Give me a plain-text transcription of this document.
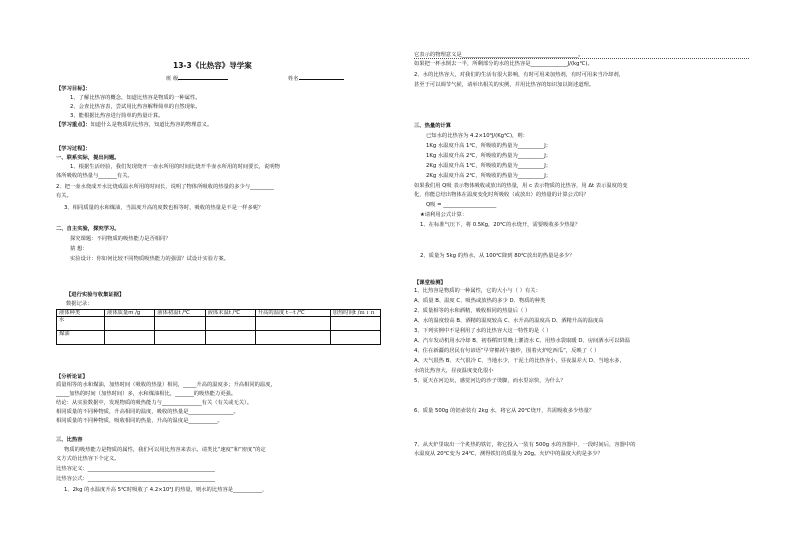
13-3《比热容》导学案
班 级	姓名
【学习目标】：
1、了解比热容的概念，知道比热容是物质的一种属性。
2、会查比热容表，尝试用比热容解释简单的自然现象。
3、能根据比热容进行简单的热量计算。
【学习重点】：知道什么是物质的比热容，知道比热容的物理意义。
【学习过程】：
一、联系实际，提出问题。
1、根据生活经验，我们发现烧开一壶水所用的时间比烧开半壶水所用的时间要长，说明物
体所吸收的热量与_______有关。
2、把一壶水烧成开水比烧成温水所用的时间长，说明了物体所吸收的热量的多少与_________
有关。
3、相同质量的水和煤油，当温度升高的度数也相等时，吸收的热量是不是一样多呢？
二、自主实验，探究学习。
探究课题：不同物质的吸热能力是否相同？
猜 想：
实验设计：你如何比较不同物质吸热能力的强弱？试设计实验方案。
【进行实验与收集证据】
数据记录：
液体种类	液体质量m /g	液体初温t /℃	液体末温t /℃	升高的温度 t－t /℃	加热时间t /ｍｉｎ
水					
煤油					
【分析论证】
质量相等的水和煤油，加热时间（吸收的热量）相同，_____升高的温度多；升高相同的温度，
_____加热的时间（加热时间）多，水和煤油相比，_______的吸热能力更强。
结论：从实验数据中，发现物质的吸热能力与_______________有关（有关或无关）。
相同质量的不同种物质，升高相同的温度，吸收的热量是_________________。
相同质量的不同种物质，吸收相同的热量，升高的温度是___________。
三、比热容
物质的吸热能力是物质的属性，我们可以用比热容来表示。请类比“速度”和“密度”的定
义方式给比热容下个定义。
比热容定义：________________________________________________
比热容公式：________________________________________________
1、2kg 的水温度升高 5℃时吸收了 4.2×10³J 的热量，则水的比热容是___________，
它表示的物理意义是____________________________________________。
如果把一杯水倒去一半，所剩部分的水的比热容是______________J/(kg℃)。
2、水的比热容大，对我们的生活有很大影响，有时可用来加热剂，有时可用来当冷却剂，
甚至于可以调节气候，请举出相关的实例，并用比热容的知识加以简述道理。
三、热量的计算
已知水的比热容为 4.2×10³J/(Kg℃)，则：
1Kg 水温度升高 1℃，所吸收的热量为__________J；
1Kg 水温度升高 2℃，所吸收的热量为__________J；
2Kg 水温度升高 1℃，所吸收的热量为__________J；
2Kg 水温度升高 2℃，所吸收的热量为__________J；
如果我们用 Q吸 表示物体吸收或放出的热量，用 c 表示物质的比热容，用 Δt 表示温度的变
化，你能总结出物体在温度变化时所吸收（或放出）的热量的计算公式吗？
Q吸 = ____________________
★请利用公式计算：
1、在标准气压下，将 0.5Kg，20℃的水烧开，需要吸收多少热量？
2、质量为 5kg 的热水，从 100℃降到 80℃放出的热量是多少？
【课堂检测】
1、比热容是物质的一种属性，它的大小与（ ）有关：
A、质量 B、温度 C、吸热或放热的多少 D、物质的种类
2、质量相等的水和酒精，吸收相同的热量后（ ）
A、水的温度较高 B、酒精的温度较高 C、水升高的温度高 D、酒精升高的温度高
3、下列实例中不是利用了水的比热容大这一特性的是（ ）
A、汽车发动机用水冷却 B、初春稻田里晚上灌清水 C、用热水袋取暖 D、房间洒水可以降温
4、住在新疆的居民有句谚语“早穿棉袄午披纱，围着火炉吃西瓜”，反映了（ ）
A、天气很热 B、天气很冷 C、当地水少，干泥土的比热容小，昼夜温差大 D、当地水多，
水的比热容大，昼夜温度变化很小
5、夏天在河边玩，感觉河边的沙子烫脚，而水里凉快，为什么？
6、质量 500g 的铝壶装有 2kg 水，将它从 20℃烧开，共需吸收多少热量？
7、从火炉里取出一个炙热的铁钉，将它投入一装有 500g 水的容器中，一段时间后，容器中的
水温度从 20℃变为 24℃，测得铁钉的质量为 20g。火炉中的温度大约是多少？
